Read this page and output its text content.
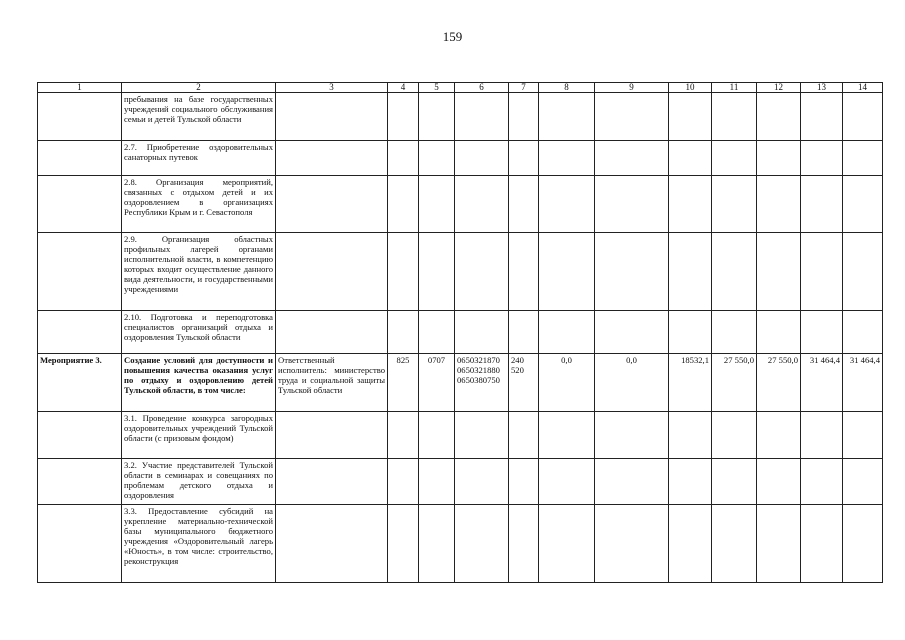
159
1	2	3	4	5	6	7	8	9	10	11	12	13	14
	пребывания на базе государственных учреждений социального обслуживания семьи и детей Тульской области												
	2.7. Приобретение оздоровительных санаторных путевок												
	2.8. Организация мероприятий, связанных с отдыхом детей и их оздоровлением в организациях Республики Крым и г. Севастополя												
	2.9. Организация областных профильных лагерей органами исполнительной власти, в компетенцию которых входит осуществление данного вида деятельности, и государственными учреждениями												
	2.10. Подготовка и переподготовка специалистов организаций отдыха и оздоровления Тульской области												
Мероприятие 3.	Создание условий для доступности и повышения качества оказания услуг по отдыху и оздоровлению детей Тульской области, в том числе:	Ответственный исполнитель: министерство труда и социальной защиты Тульской области	825	0707	0650321870
0650321880
0650380750	240
520	0,0	0,0	18532,1	27 550,0	27 550,0	31 464,4	31 464,4
	3.1. Проведение конкурса загородных оздоровительных учреждений Тульской области (с призовым фондом)												
	3.2. Участие представителей Тульской области в семинарах и совещаниях по проблемам детского отдыха и оздоровления												
	3.3. Предоставление субсидий на укрепление материально-технической базы муниципального бюджетного учреждения «Оздоровительный лагерь «Юность», в том числе: строительство, реконструкция												
